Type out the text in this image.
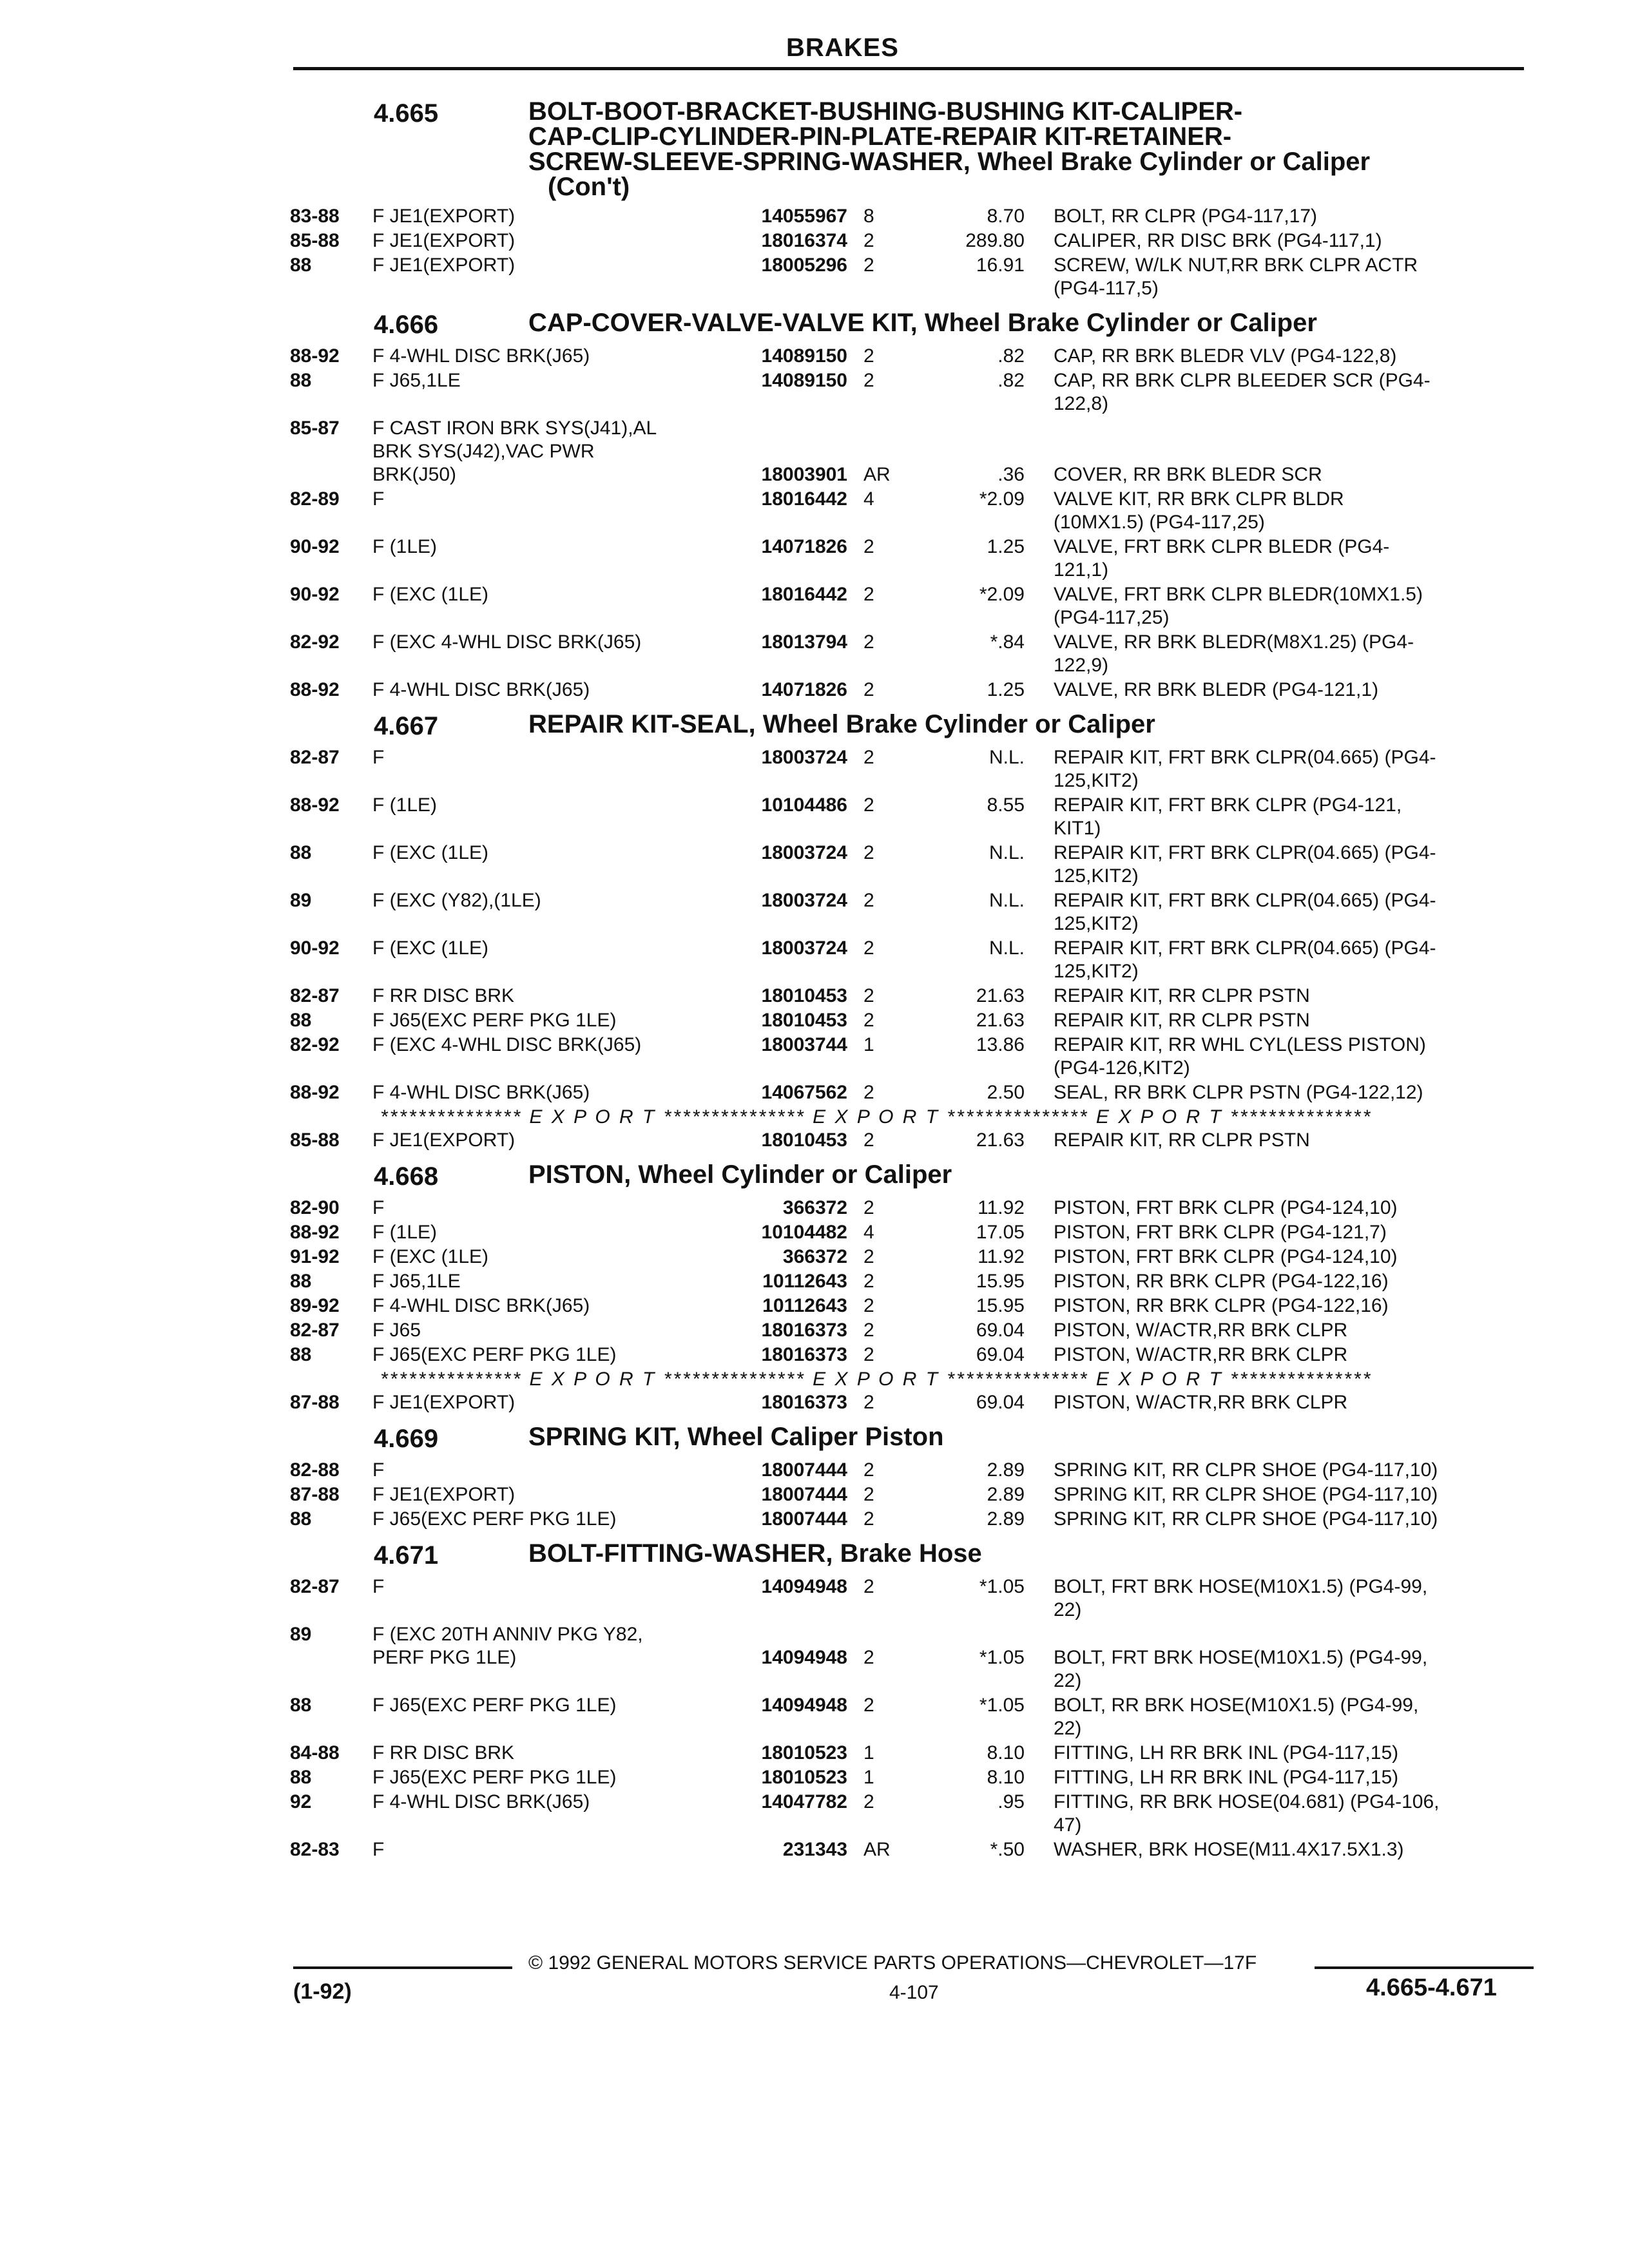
BRAKES
4.665	BOLT-BOOT-BRACKET-BUSHING-BUSHING KIT-CALIPER-
CAP-CLIP-CYLINDER-PIN-PLATE-REPAIR KIT-RETAINER-
SCREW-SLEEVE-SPRING-WASHER, Wheel Brake Cylinder or Caliper
(Con't)
83-88 F JE1(EXPORT)	14055967 8	8.70 BOLT, RR CLPR (PG4-117,17)
85-88 F JE1(EXPORT)	18016374 2	289.80 CALIPER, RR DISC BRK (PG4-117,1)
88	F JE1(EXPORT)	18005296 2	16.91 SCREW, W/LK NUT,RR BRK CLPR ACTR
(PG4-117,5)
4.666	CAP-COVER-VALVE-VALVE KIT, Wheel Brake Cylinder or Caliper
88-92 F 4-WHL DISC BRK(J65)	14089150 2	.82 CAP, RR BRK BLEDR VLV (PG4-122,8)
88	F J65,1LE	14089150 2	.82 CAP, RR BRK CLPR BLEEDER SCR (PG4-
122,8)
85-87 F CAST IRON BRK SYS(J41),AL
BRK SYS(J42),VAC PWR
BRK(J50)	18003901 AR	.36 COVER, RR BRK BLEDR SCR
82-89 F	18016442 4	*2.09 VALVE KIT, RR BRK CLPR BLDR
(10MX1.5) (PG4-117,25)
90-92 F (1LE)	14071826 2	1.25 VALVE, FRT BRK CLPR BLEDR (PG4-
121,1)
90-92 F (EXC (1LE)	18016442 2	*2.09 VALVE, FRT BRK CLPR BLEDR(10MX1.5)
(PG4-117,25)
82-92 F (EXC 4-WHL DISC BRK(J65)	18013794 2	*.84 VALVE, RR BRK BLEDR(M8X1.25) (PG4-
122,9)
88-92 F 4-WHL DISC BRK(J65)	14071826 2	1.25 VALVE, RR BRK BLEDR (PG4-121,1)
4.667	REPAIR KIT-SEAL, Wheel Brake Cylinder or Caliper
82-87 F	18003724 2	N.L. REPAIR KIT, FRT BRK CLPR(04.665) (PG4-
125,KIT2)
88-92 F (1LE)	10104486 2	8.55 REPAIR KIT, FRT BRK CLPR (PG4-121,
KIT1)
88	F (EXC (1LE)	18003724 2	N.L. REPAIR KIT, FRT BRK CLPR(04.665) (PG4-
125,KIT2)
89	F (EXC (Y82),(1LE)	18003724 2	N.L. REPAIR KIT, FRT BRK CLPR(04.665) (PG4-
125,KIT2)
90-92 F (EXC (1LE)	18003724 2	N.L. REPAIR KIT, FRT BRK CLPR(04.665) (PG4-
125,KIT2)
82-87 F RR DISC BRK	18010453 2	21.63 REPAIR KIT, RR CLPR PSTN
88	F J65(EXC PERF PKG 1LE)	18010453 2	21.63 REPAIR KIT, RR CLPR PSTN
82-92 F (EXC 4-WHL DISC BRK(J65)	18003744 1	13.86 REPAIR KIT, RR WHL CYL(LESS PISTON)
(PG4-126,KIT2)
88-92 F 4-WHL DISC BRK(J65)	14067562 2	2.50 SEAL, RR BRK CLPR PSTN (PG4-122,12)
*************** E X P O R T *************** E X P O R T *************** E X P O R T ***************
85-88 F JE1(EXPORT)	18010453 2	21.63 REPAIR KIT, RR CLPR PSTN
4.668	PISTON, Wheel Cylinder or Caliper
82-90 F	366372 2	11.92 PISTON, FRT BRK CLPR (PG4-124,10)
88-92 F (1LE)	10104482 4	17.05 PISTON, FRT BRK CLPR (PG4-121,7)
91-92 F (EXC (1LE)	366372 2	11.92 PISTON, FRT BRK CLPR (PG4-124,10)
88	F J65,1LE	10112643 2	15.95 PISTON, RR BRK CLPR (PG4-122,16)
89-92 F 4-WHL DISC BRK(J65)	10112643 2	15.95 PISTON, RR BRK CLPR (PG4-122,16)
82-87 F J65	18016373 2	69.04 PISTON, W/ACTR,RR BRK CLPR
88	F J65(EXC PERF PKG 1LE)	18016373 2	69.04 PISTON, W/ACTR,RR BRK CLPR
*************** E X P O R T *************** E X P O R T *************** E X P O R T ***************
87-88 F JE1(EXPORT)	18016373 2	69.04 PISTON, W/ACTR,RR BRK CLPR
4.669	SPRING KIT, Wheel Caliper Piston
82-88 F	18007444 2	2.89 SPRING KIT, RR CLPR SHOE (PG4-117,10)
87-88 F JE1(EXPORT)	18007444 2	2.89 SPRING KIT, RR CLPR SHOE (PG4-117,10)
88	F J65(EXC PERF PKG 1LE)	18007444 2	2.89 SPRING KIT, RR CLPR SHOE (PG4-117,10)
4.671	BOLT-FITTING-WASHER, Brake Hose
82-87 F	14094948 2	*1.05 BOLT, FRT BRK HOSE(M10X1.5) (PG4-99,
22)
89	F (EXC 20TH ANNIV PKG Y82,
PERF PKG 1LE)	14094948 2	*1.05 BOLT, FRT BRK HOSE(M10X1.5) (PG4-99,
22)
88	F J65(EXC PERF PKG 1LE)	14094948 2	*1.05 BOLT, RR BRK HOSE(M10X1.5) (PG4-99,
22)
84-88 F RR DISC BRK	18010523 1	8.10 FITTING, LH RR BRK INL (PG4-117,15)
88	F J65(EXC PERF PKG 1LE)	18010523 1	8.10 FITTING, LH RR BRK INL (PG4-117,15)
92	F 4-WHL DISC BRK(J65)	14047782 2	.95 FITTING, RR BRK HOSE(04.681) (PG4-106,
47)
82-83 F	231343 AR	*.50 WASHER, BRK HOSE(M11.4X17.5X1.3)
© 1992 GENERAL MOTORS SERVICE PARTS OPERATIONS—CHEVROLET—17F
(1-92)	4-107	4.665-4.671
